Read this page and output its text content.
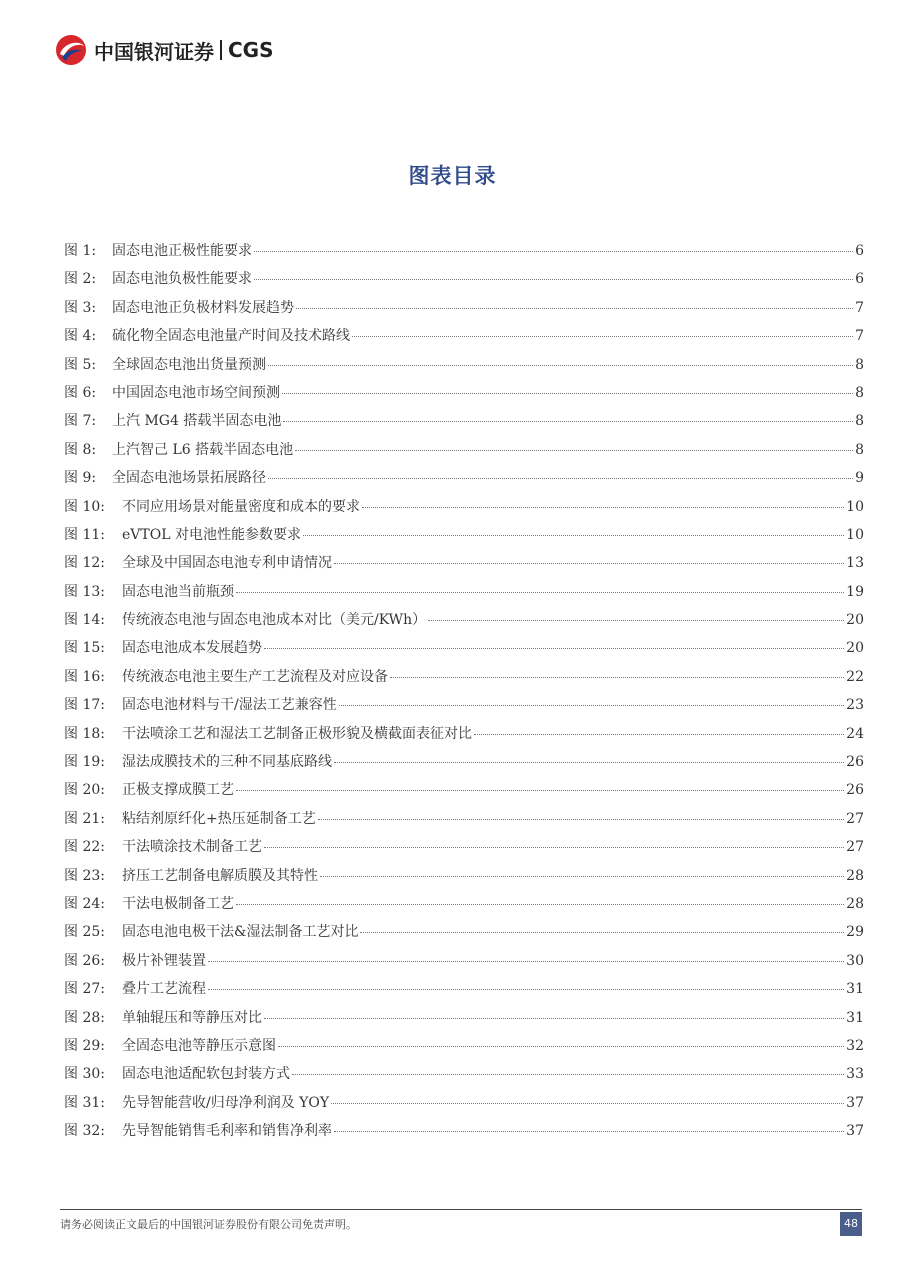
中国银河证券 CGS
图表目录
图 1:	固态电池正极性能要求	6
图 2:	固态电池负极性能要求	6
图 3:	固态电池正负极材料发展趋势	7
图 4:	硫化物全固态电池量产时间及技术路线	7
图 5:	全球固态电池出货量预测	8
图 6:	中国固态电池市场空间预测	8
图 7:	上汽 MG4 搭载半固态电池	8
图 8:	上汽智己 L6 搭载半固态电池	8
图 9:	全固态电池场景拓展路径	9
图 10:	不同应用场景对能量密度和成本的要求	10
图 11:	eVTOL 对电池性能参数要求	10
图 12:	全球及中国固态电池专利申请情况	13
图 13:	固态电池当前瓶颈	19
图 14:	传统液态电池与固态电池成本对比（美元/KWh）	20
图 15:	固态电池成本发展趋势	20
图 16:	传统液态电池主要生产工艺流程及对应设备	22
图 17:	固态电池材料与干/湿法工艺兼容性	23
图 18:	干法喷涂工艺和湿法工艺制备正极形貌及横截面表征对比	24
图 19:	湿法成膜技术的三种不同基底路线	26
图 20:	正极支撑成膜工艺	26
图 21:	粘结剂原纤化+热压延制备工艺	27
图 22:	干法喷涂技术制备工艺	27
图 23:	挤压工艺制备电解质膜及其特性	28
图 24:	干法电极制备工艺	28
图 25:	固态电池电极干法&湿法制备工艺对比	29
图 26:	极片补锂装置	30
图 27:	叠片工艺流程	31
图 28:	单轴辊压和等静压对比	31
图 29:	全固态电池等静压示意图	32
图 30:	固态电池适配软包封装方式	33
图 31:	先导智能营收/归母净利润及 YOY	37
图 32:	先导智能销售毛利率和销售净利率	37
请务必阅读正文最后的中国银河证券股份有限公司免责声明。	48
